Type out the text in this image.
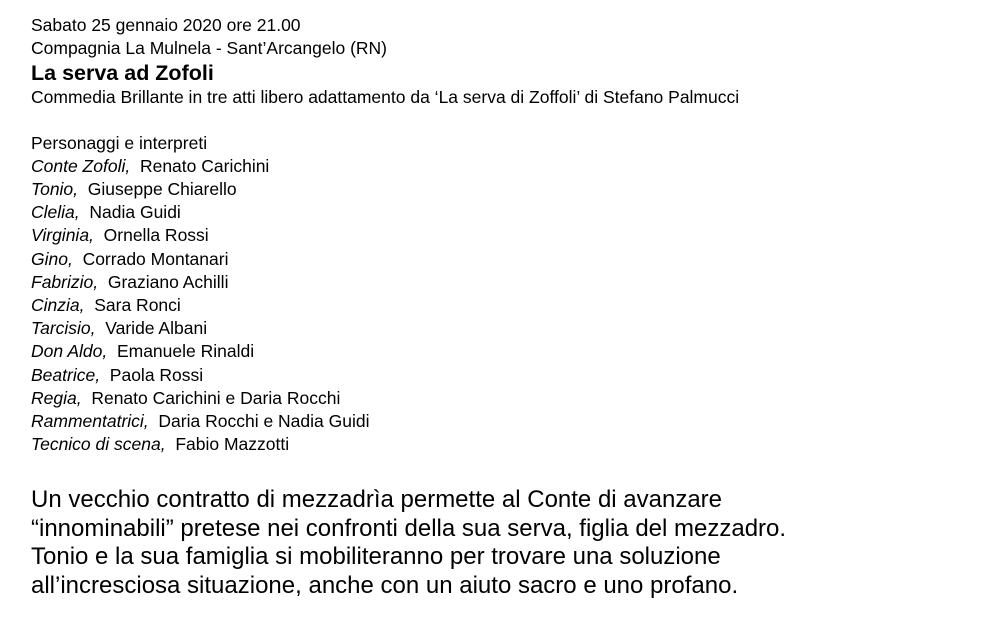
Sabato 25 gennaio 2020 ore 21.00
Compagnia La Mulnela - Sant’Arcangelo (RN)
La serva ad Zofoli
Commedia Brillante in tre atti libero adattamento da ‘La serva di Zoffoli’ di Stefano Palmucci
Personaggi e interpreti
Conte Zofoli, Renato Carichini
Tonio, Giuseppe Chiarello
Clelia, Nadia Guidi
Virginia, Ornella Rossi
Gino, Corrado Montanari
Fabrizio, Graziano Achilli
Cinzia, Sara Ronci
Tarcisio, Varide Albani
Don Aldo, Emanuele Rinaldi
Beatrice, Paola Rossi
Regia, Renato Carichini e Daria Rocchi
Rammentatrici, Daria Rocchi e Nadia Guidi
Tecnico di scena, Fabio Mazzotti
Un vecchio contratto di mezzadrìa permette al Conte di avanzare
“innominabili” pretese nei confronti della sua serva, figlia del mezzadro.
Tonio e la sua famiglia si mobiliteranno per trovare una soluzione
all’incresciosa situazione, anche con un aiuto sacro e uno profano.
